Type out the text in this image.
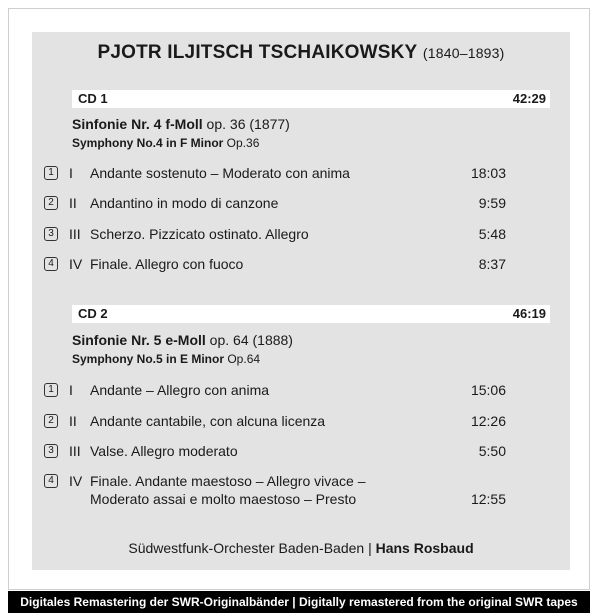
PJOTR ILJITSCH TSCHAIKOWSKY (1840–1893)
CD 1	42:29
Sinfonie Nr. 4 f-Moll op. 36 (1877)
Symphony No.4 in F Minor Op.36
1	I Andante sostenuto – Moderato con anima	18:03
2	II Andantino in modo di canzone	9:59
3	III Scherzo. Pizzicato ostinato. Allegro	5:48
4	IV Finale. Allegro con fuoco	8:37
CD 2	46:19
Sinfonie Nr. 5 e-Moll op. 64 (1888)
Symphony No.5 in E Minor Op.64
1	I Andante – Allegro con anima	15:06
2	II Andante cantabile, con alcuna licenza	12:26
3	III Valse. Allegro moderato	5:50
4	IV Finale. Andante maestoso – Allegro vivace –
Moderato assai e molto maestoso – Presto	12:55
Südwestfunk-Orchester Baden-Baden | Hans Rosbaud
Digitales Remastering der SWR-Originalbänder | Digitally remastered from the original SWR tapes
